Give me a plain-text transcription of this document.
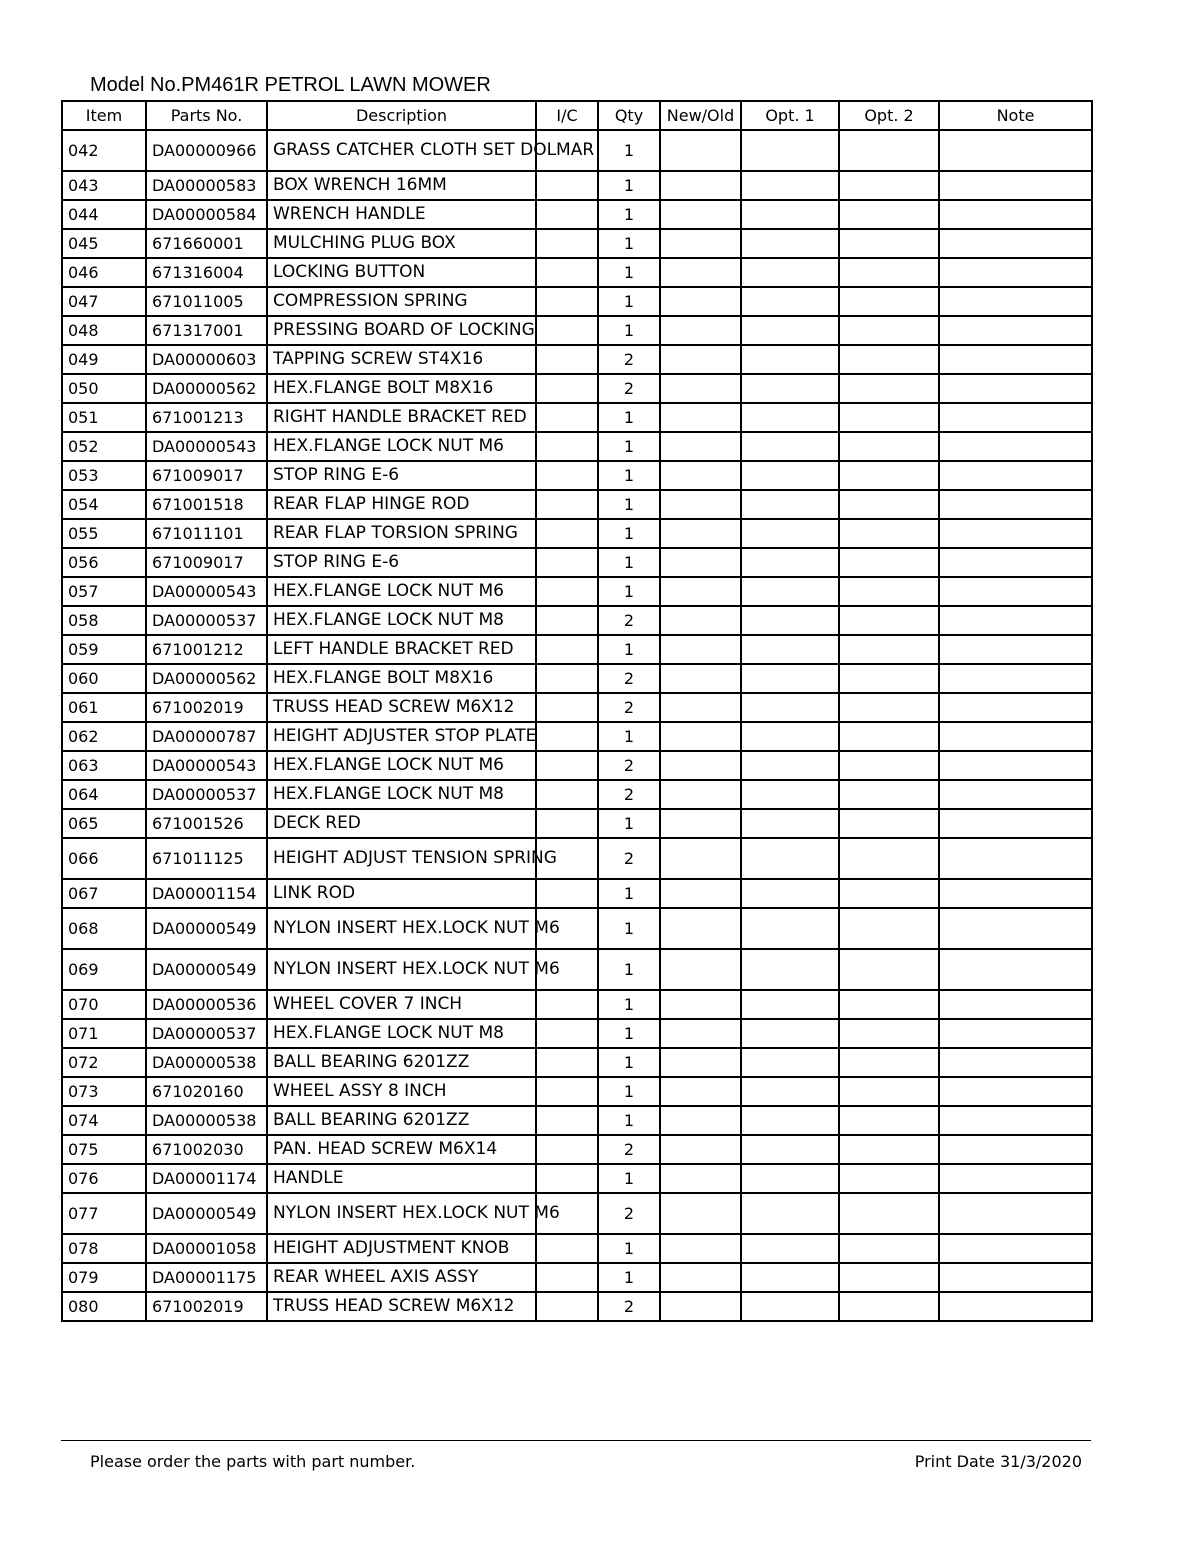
Model No.PM461R PETROL LAWN MOWER
Item	Parts No.	Description	I/C	Qty	New/Old	Opt. 1	Opt. 2	Note
042	DA00000966	GRASS CATCHER CLOTH SET DOLMAR		1				
043	DA00000583	BOX WRENCH 16MM		1				
044	DA00000584	WRENCH HANDLE		1				
045	671660001	MULCHING PLUG BOX		1				
046	671316004	LOCKING BUTTON		1				
047	671011005	COMPRESSION SPRING		1				
048	671317001	PRESSING BOARD OF LOCKING		1				
049	DA00000603	TAPPING SCREW ST4X16		2				
050	DA00000562	HEX.FLANGE BOLT M8X16		2				
051	671001213	RIGHT HANDLE BRACKET RED		1				
052	DA00000543	HEX.FLANGE LOCK NUT M6		1				
053	671009017	STOP RING E-6		1				
054	671001518	REAR FLAP HINGE ROD		1				
055	671011101	REAR FLAP TORSION SPRING		1				
056	671009017	STOP RING E-6		1				
057	DA00000543	HEX.FLANGE LOCK NUT M6		1				
058	DA00000537	HEX.FLANGE LOCK NUT M8		2				
059	671001212	LEFT HANDLE BRACKET RED		1				
060	DA00000562	HEX.FLANGE BOLT M8X16		2				
061	671002019	TRUSS HEAD SCREW M6X12		2				
062	DA00000787	HEIGHT ADJUSTER STOP PLATE		1				
063	DA00000543	HEX.FLANGE LOCK NUT M6		2				
064	DA00000537	HEX.FLANGE LOCK NUT M8		2				
065	671001526	DECK RED		1				
066	671011125	HEIGHT ADJUST TENSION SPRING		2				
067	DA00001154	LINK ROD		1				
068	DA00000549	NYLON INSERT HEX.LOCK NUT M6		1				
069	DA00000549	NYLON INSERT HEX.LOCK NUT M6		1				
070	DA00000536	WHEEL COVER 7 INCH		1				
071	DA00000537	HEX.FLANGE LOCK NUT M8		1				
072	DA00000538	BALL BEARING 6201ZZ		1				
073	671020160	WHEEL ASSY 8 INCH		1				
074	DA00000538	BALL BEARING 6201ZZ		1				
075	671002030	PAN. HEAD SCREW M6X14		2				
076	DA00001174	HANDLE		1				
077	DA00000549	NYLON INSERT HEX.LOCK NUT M6		2				
078	DA00001058	HEIGHT ADJUSTMENT KNOB		1				
079	DA00001175	REAR WHEEL AXIS ASSY		1				
080	671002019	TRUSS HEAD SCREW M6X12		2				
Please order the parts with part number.	Print Date 31/3/2020
